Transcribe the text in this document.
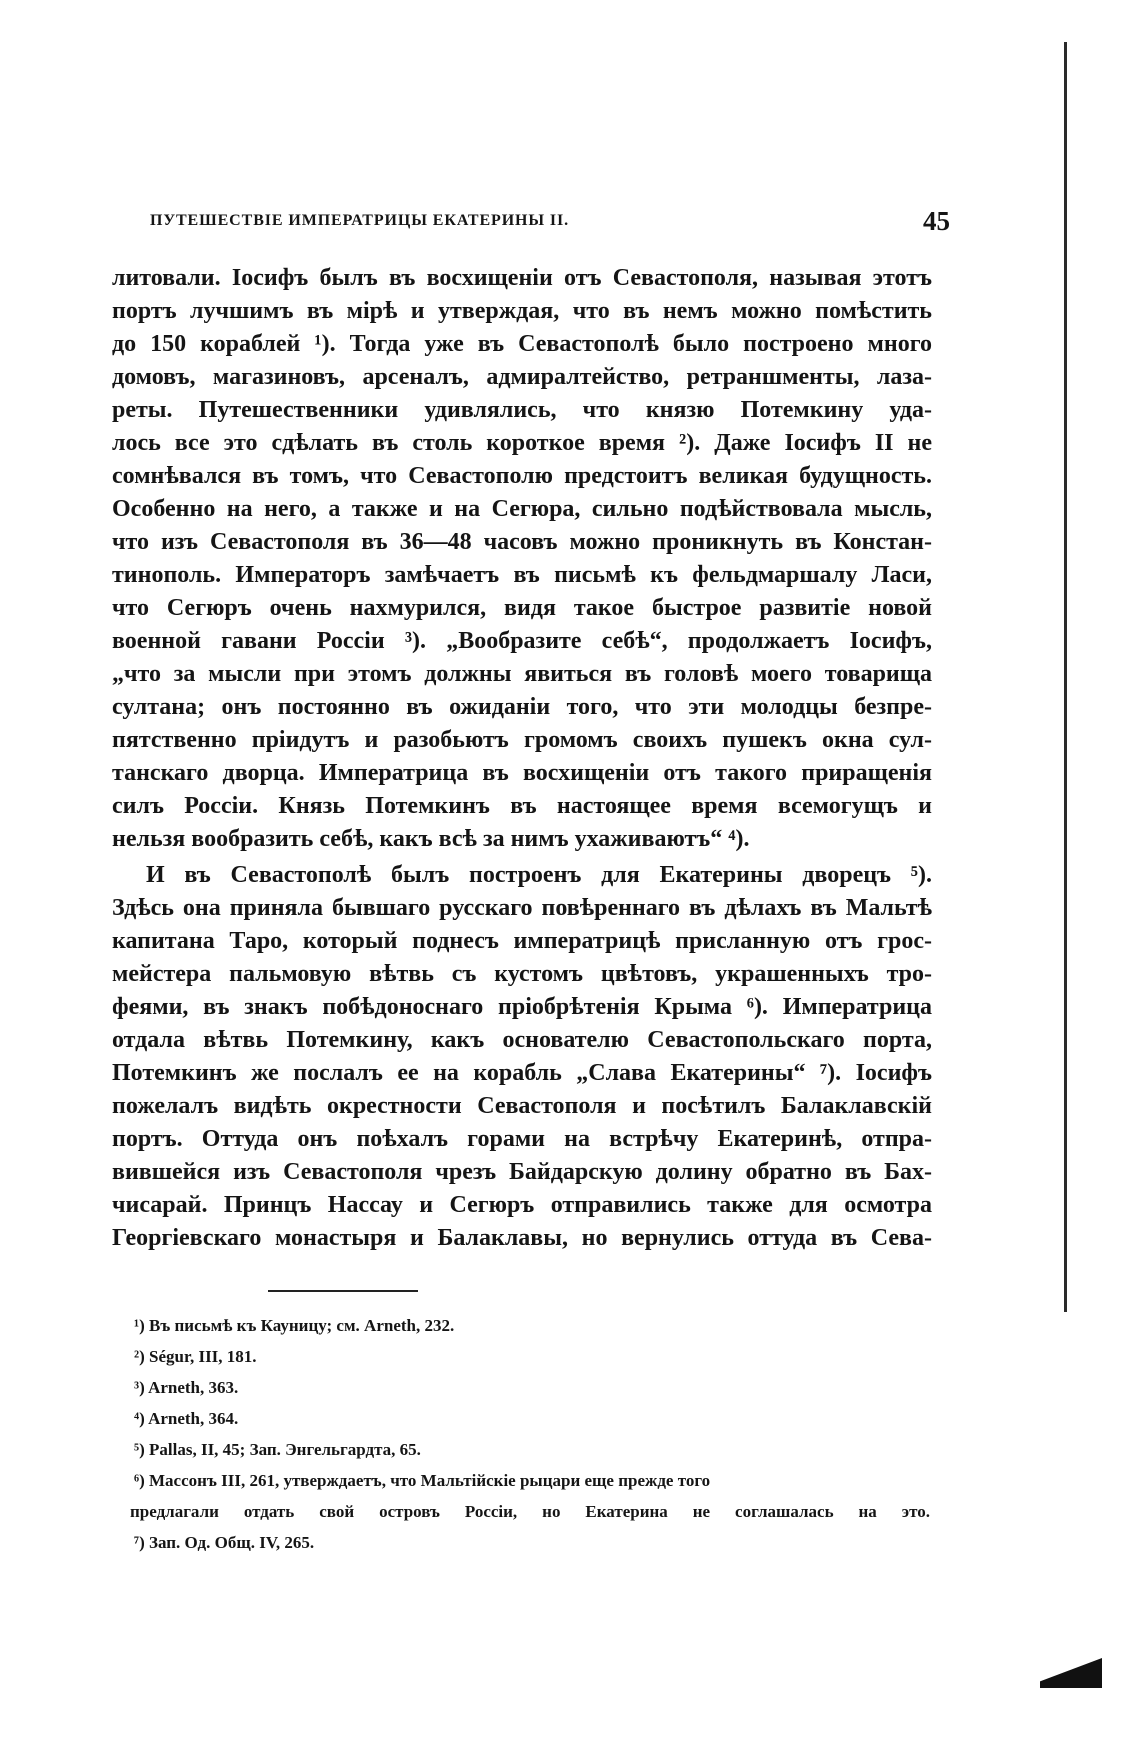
ПУТЕШЕСТВІЕ ИМПЕРАТРИЦЫ ЕКАТЕРИНЫ II.	45
литовали. Іосифъ былъ въ восхищеніи отъ Севастополя, называя этотъ
портъ лучшимъ въ мірѣ и утверждая, что въ немъ можно помѣстить
до 150 кораблей ¹). Тогда уже въ Севастополѣ было построено много
домовъ, магазиновъ, арсеналъ, адмиралтейство, ретраншменты, лаза-
реты. Путешественники удивлялись, что князю Потемкину уда-
лось все это сдѣлать въ столь короткое время ²). Даже Іосифъ II не
сомнѣвался въ томъ, что Севастополю предстоитъ великая будущность.
Особенно на него, а также и на Сегюра, сильно подѣйствовала мысль,
что изъ Севастополя въ 36—48 часовъ можно проникнуть въ Констан-
тинополь. Императоръ замѣчаетъ въ письмѣ къ фельдмаршалу Ласи,
что Сегюръ очень нахмурился, видя такое быстрое развитіе новой
военной гавани Россіи ³). „Вообразите себѣ“, продолжаетъ Іосифъ,
„что за мысли при этомъ должны явиться въ головѣ моего товарища
султана; онъ постоянно въ ожиданіи того, что эти молодцы безпре-
пятственно пріидутъ и разобьютъ громомъ своихъ пушекъ окна сул-
танскаго дворца. Императрица въ восхищеніи отъ такого приращенія
силъ Россіи. Князь Потемкинъ въ настоящее время всемогущъ и
нельзя вообразить себѣ, какъ всѣ за нимъ ухаживаютъ“ ⁴).
И въ Севастополѣ былъ построенъ для Екатерины дворецъ ⁵).
Здѣсь она приняла бывшаго русскаго повѣреннаго въ дѣлахъ въ Мальтѣ
капитана Таро, который поднесъ императрицѣ присланную отъ грос-
мейстера пальмовую вѣтвь съ кустомъ цвѣтовъ, украшенныхъ тро-
феями, въ знакъ побѣдоноснаго пріобрѣтенія Крыма ⁶). Императрица
отдала вѣтвь Потемкину, какъ основателю Севастопольскаго порта,
Потемкинъ же послалъ ее на корабль „Слава Екатерины“ ⁷). Іосифъ
пожелалъ видѣть окрестности Севастополя и посѣтилъ Балаклавскій
портъ. Оттуда онъ поѣхалъ горами на встрѣчу Екатеринѣ, отпра-
вившейся изъ Севастополя чрезъ Байдарскую долину обратно въ Бах-
чисарай. Принцъ Нассау и Сегюръ отправились также для осмотра
Георгіевскаго монастыря и Балаклавы, но вернулись оттуда въ Сева-
¹) Въ письмѣ къ Кауницу; см. Arneth, 232.
²) Ségur, III, 181.
³) Arneth, 363.
⁴) Arneth, 364.
⁵) Pallas, II, 45; Зап. Энгельгардта, 65.
⁶) Массонъ III, 261, утверждаетъ, что Мальтійскіе рыцари еще прежде того
предлагали отдать свой островъ Россіи, но Екатерина не соглашалась на это.
⁷) Зап. Од. Общ. IV, 265.
